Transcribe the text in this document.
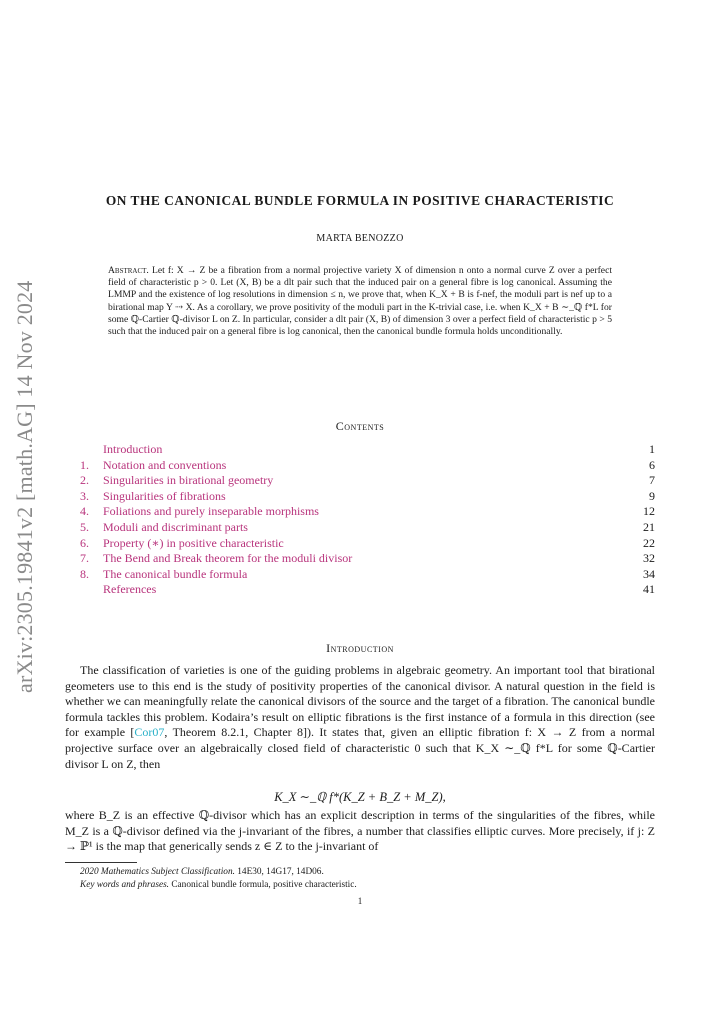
arXiv:2305.19841v2 [math.AG] 14 Nov 2024
ON THE CANONICAL BUNDLE FORMULA IN POSITIVE CHARACTERISTIC
MARTA BENOZZO
Abstract. Let f: X → Z be a fibration from a normal projective variety X of dimension n onto a normal curve Z over a perfect field of characteristic p > 0. Let (X, B) be a dlt pair such that the induced pair on a general fibre is log canonical. Assuming the LMMP and the existence of log resolutions in dimension ≤ n, we prove that, when K_X + B is f-nef, the moduli part is nef up to a birational map Y ⇢ X. As a corollary, we prove positivity of the moduli part in the K-trivial case, i.e. when K_X + B ∼_ℚ f*L for some ℚ-Cartier ℚ-divisor L on Z. In particular, consider a dlt pair (X, B) of dimension 3 over a perfect field of characteristic p > 5 such that the induced pair on a general fibre is log canonical, then the canonical bundle formula holds unconditionally.
Contents
Introduction	1
1. Notation and conventions	6
2. Singularities in birational geometry	7
3. Singularities of fibrations	9
4. Foliations and purely inseparable morphisms	12
5. Moduli and discriminant parts	21
6. Property (∗) in positive characteristic	22
7. The Bend and Break theorem for the moduli divisor	32
8. The canonical bundle formula	34
References	41
Introduction
The classification of varieties is one of the guiding problems in algebraic geometry. An important tool that birational geometers use to this end is the study of positivity properties of the canonical divisor. A natural question in the field is whether we can meaningfully relate the canonical divisors of the source and the target of a fibration. The canonical bundle formula tackles this problem. Kodaira’s result on elliptic fibrations is the first instance of a formula in this direction (see for example [Cor07, Theorem 8.2.1, Chapter 8]). It states that, given an elliptic fibration f: X → Z from a normal projective surface over an algebraically closed field of characteristic 0 such that K_X ∼_ℚ f*L for some ℚ-Cartier divisor L on Z, then
K_X ∼_ℚ f*(K_Z + B_Z + M_Z),
where B_Z is an effective ℚ-divisor which has an explicit description in terms of the singularities of the fibres, while M_Z is a ℚ-divisor defined via the j-invariant of the fibres, a number that classifies elliptic curves. More precisely, if j: Z → ℙ¹ is the map that generically sends z ∈ Z to the j-invariant of
2020 Mathematics Subject Classification. 14E30, 14G17, 14D06.
Key words and phrases. Canonical bundle formula, positive characteristic.
1
